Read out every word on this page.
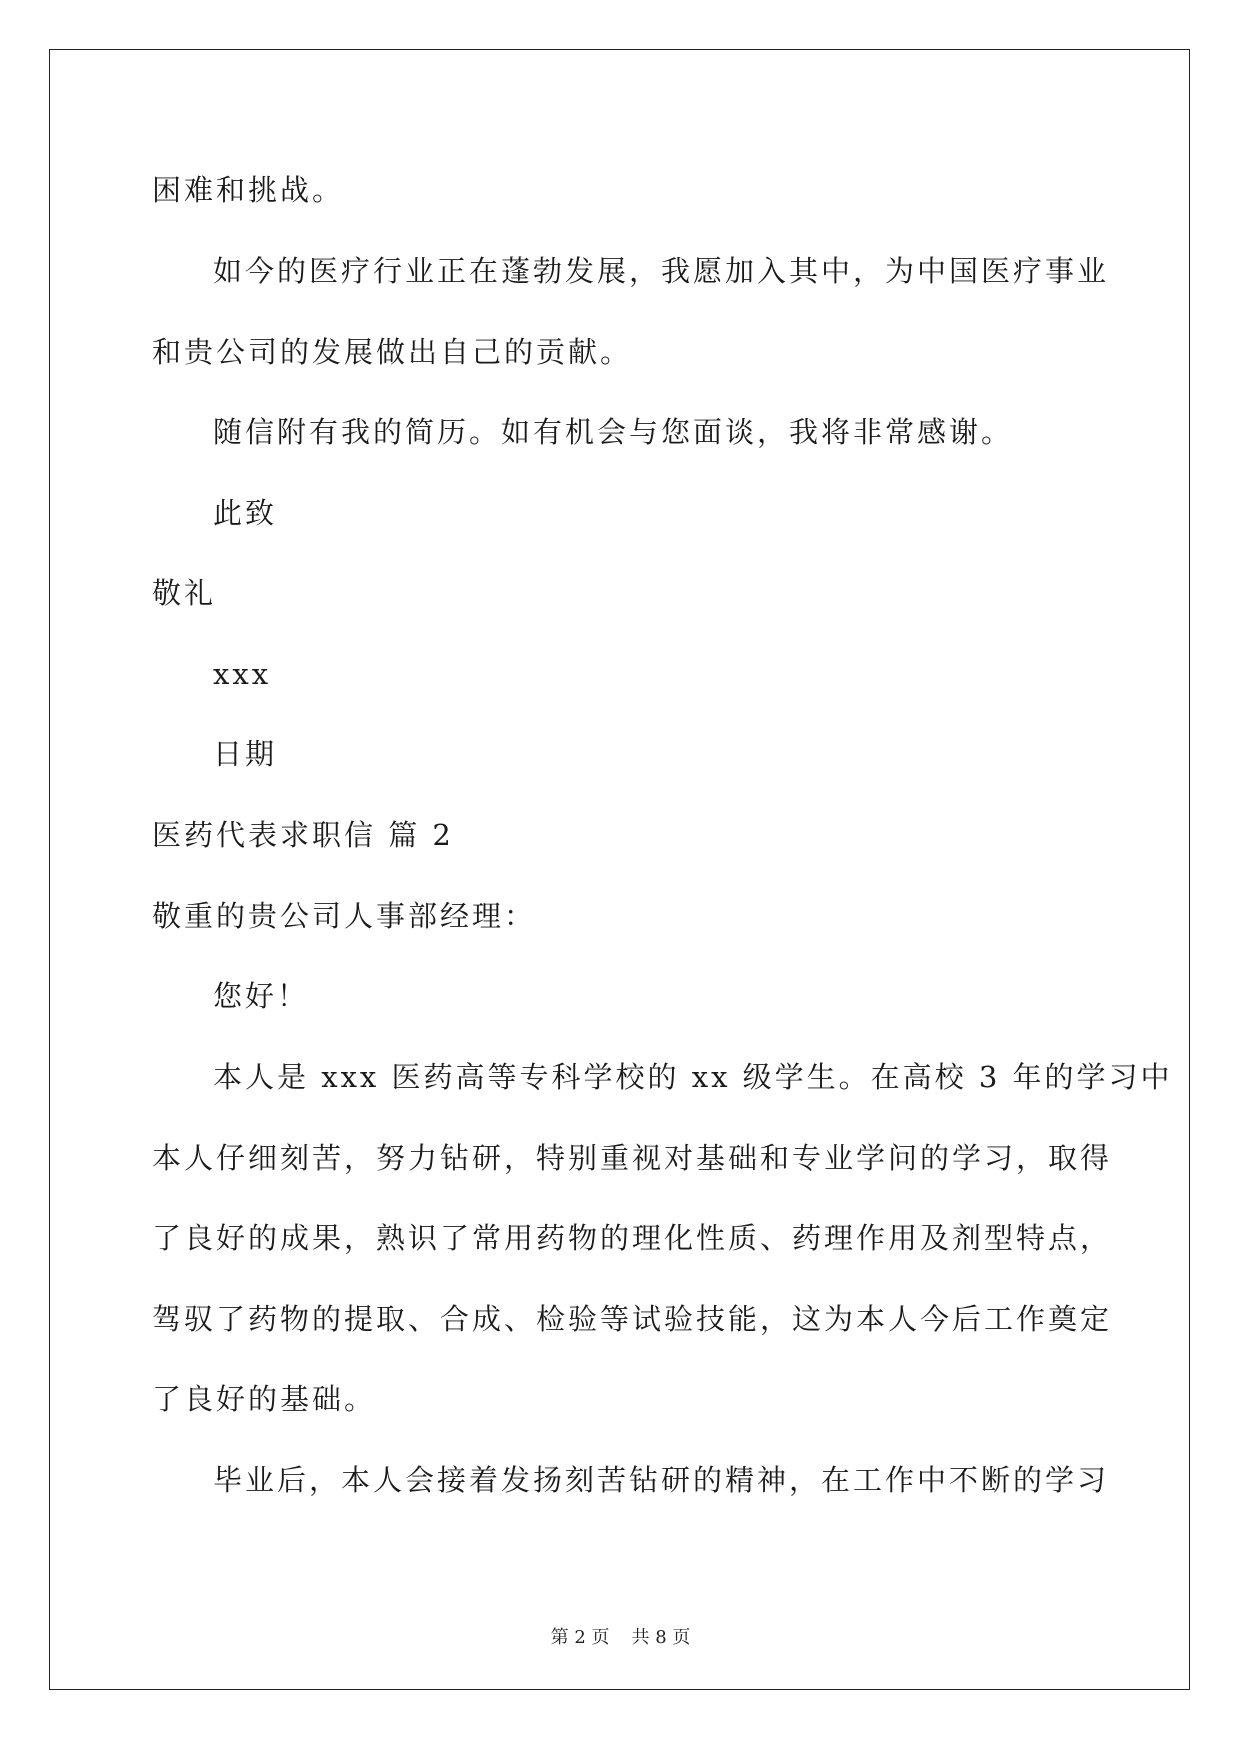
困难和挑战。
如今的医疗行业正在蓬勃发展，我愿加入其中，为中国医疗事业
和贵公司的发展做出自己的贡献。
随信附有我的简历。如有机会与您面谈，我将非常感谢。
此致
敬礼
xxx
日期
医药代表求职信 篇 2
敬重的贵公司人事部经理：
您好！
本人是 xxx 医药高等专科学校的 xx 级学生。在高校 3 年的学习中
本人仔细刻苦，努力钻研，特别重视对基础和专业学问的学习，取得
了良好的成果，熟识了常用药物的理化性质、药理作用及剂型特点，
驾驭了药物的提取、合成、检验等试验技能，这为本人今后工作奠定
了良好的基础。
毕业后，本人会接着发扬刻苦钻研的精神，在工作中不断的学习
第 2 页 共 8 页
